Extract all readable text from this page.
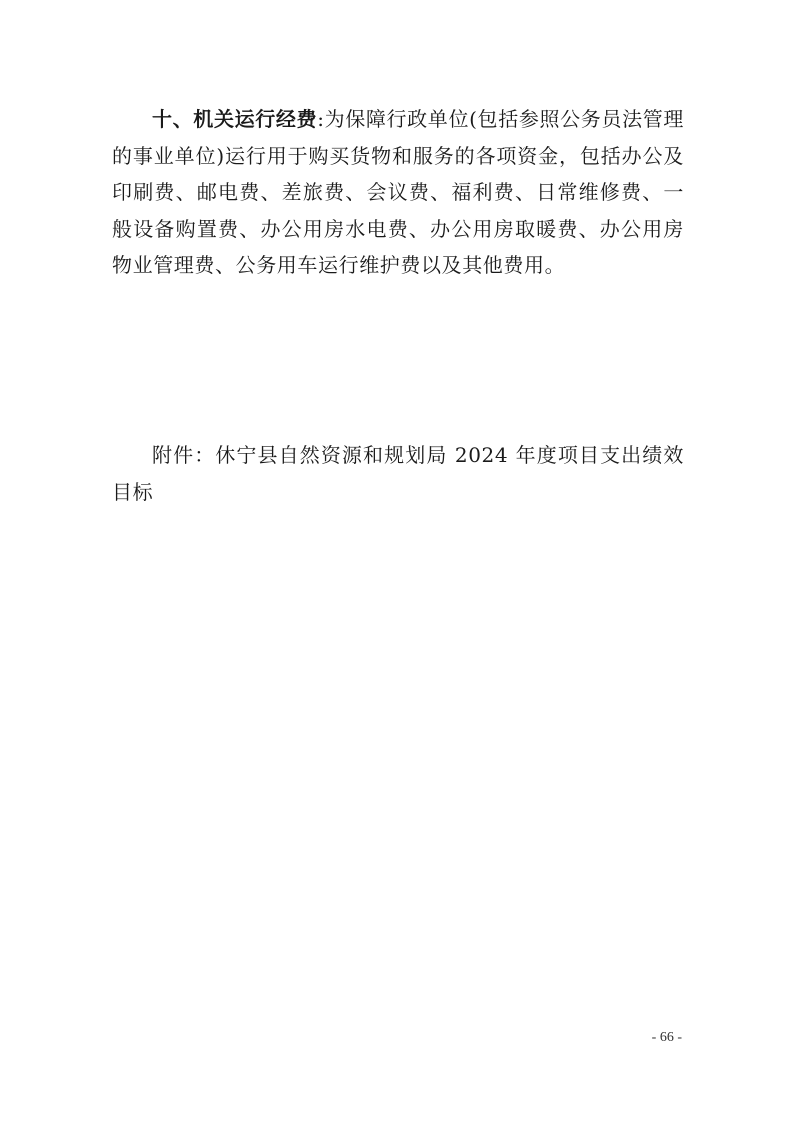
十、机关运行经费:为保障行政单位(包括参照公务员法管理的事业单位)运行用于购买货物和服务的各项资金，包括办公及印刷费、邮电费、差旅费、会议费、福利费、日常维修费、一般设备购置费、办公用房水电费、办公用房取暖费、办公用房物业管理费、公务用车运行维护费以及其他费用。

附件：休宁县自然资源和规划局 2024 年度项目支出绩效目标

- 66 -
